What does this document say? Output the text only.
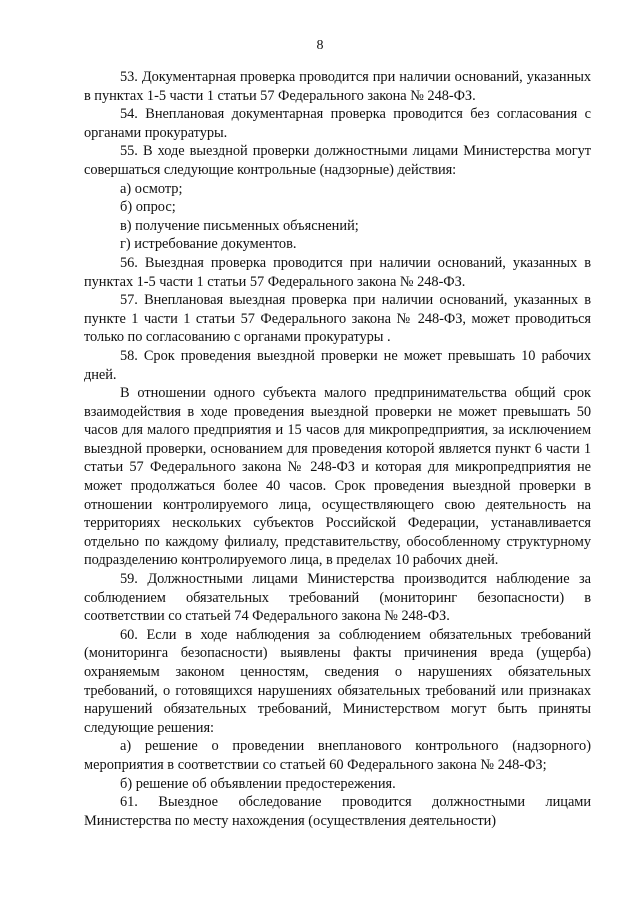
8

53. Документарная проверка проводится при наличии оснований, указанных в пунктах 1-5 части 1 статьи 57 Федерального закона № 248-ФЗ.

54. Внеплановая документарная проверка проводится без согласования с органами прокуратуры.

55. В ходе выездной проверки должностными лицами Министерства могут совершаться следующие контрольные (надзорные) действия:

а) осмотр;

б) опрос;

в) получение письменных объяснений;

г) истребование документов.

56. Выездная проверка проводится при наличии оснований, указанных в пунктах 1-5 части 1 статьи 57 Федерального закона № 248-ФЗ.

57. Внеплановая выездная проверка при наличии оснований, указанных в пункте 1 части 1 статьи 57 Федерального закона № 248-ФЗ, может проводиться только по согласованию с органами прокуратуры .

58. Срок проведения выездной проверки не может превышать 10 рабочих дней.

В отношении одного субъекта малого предпринимательства общий срок взаимодействия в ходе проведения выездной проверки не может превышать 50 часов для малого предприятия и 15 часов для микропредприятия, за исключением выездной проверки, основанием для проведения которой является пункт 6 части 1 статьи 57 Федерального закона № 248-ФЗ и которая для микропредприятия не может продолжаться более 40 часов. Срок проведения выездной проверки в отношении контролируемого лица, осуществляющего свою деятельность на территориях нескольких субъектов Российской Федерации, устанавливается отдельно по каждому филиалу, представительству, обособленному структурному подразделению контролируемого лица, в пределах 10 рабочих дней.

59. Должностными лицами Министерства производится наблюдение за соблюдением обязательных требований (мониторинг безопасности) в соответствии со статьей 74 Федерального закона № 248-ФЗ.

60. Если в ходе наблюдения за соблюдением обязательных требований (мониторинга безопасности) выявлены факты причинения вреда (ущерба) охраняемым законом ценностям, сведения о нарушениях обязательных требований, о готовящихся нарушениях обязательных требований или признаках нарушений обязательных требований, Министерством могут быть приняты следующие решения:

а) решение о проведении внепланового контрольного (надзорного) мероприятия в соответствии со статьей 60 Федерального закона № 248-ФЗ;

б) решение об объявлении предостережения.

61. Выездное обследование проводится должностными лицами Министерства по месту нахождения (осуществления деятельности)
